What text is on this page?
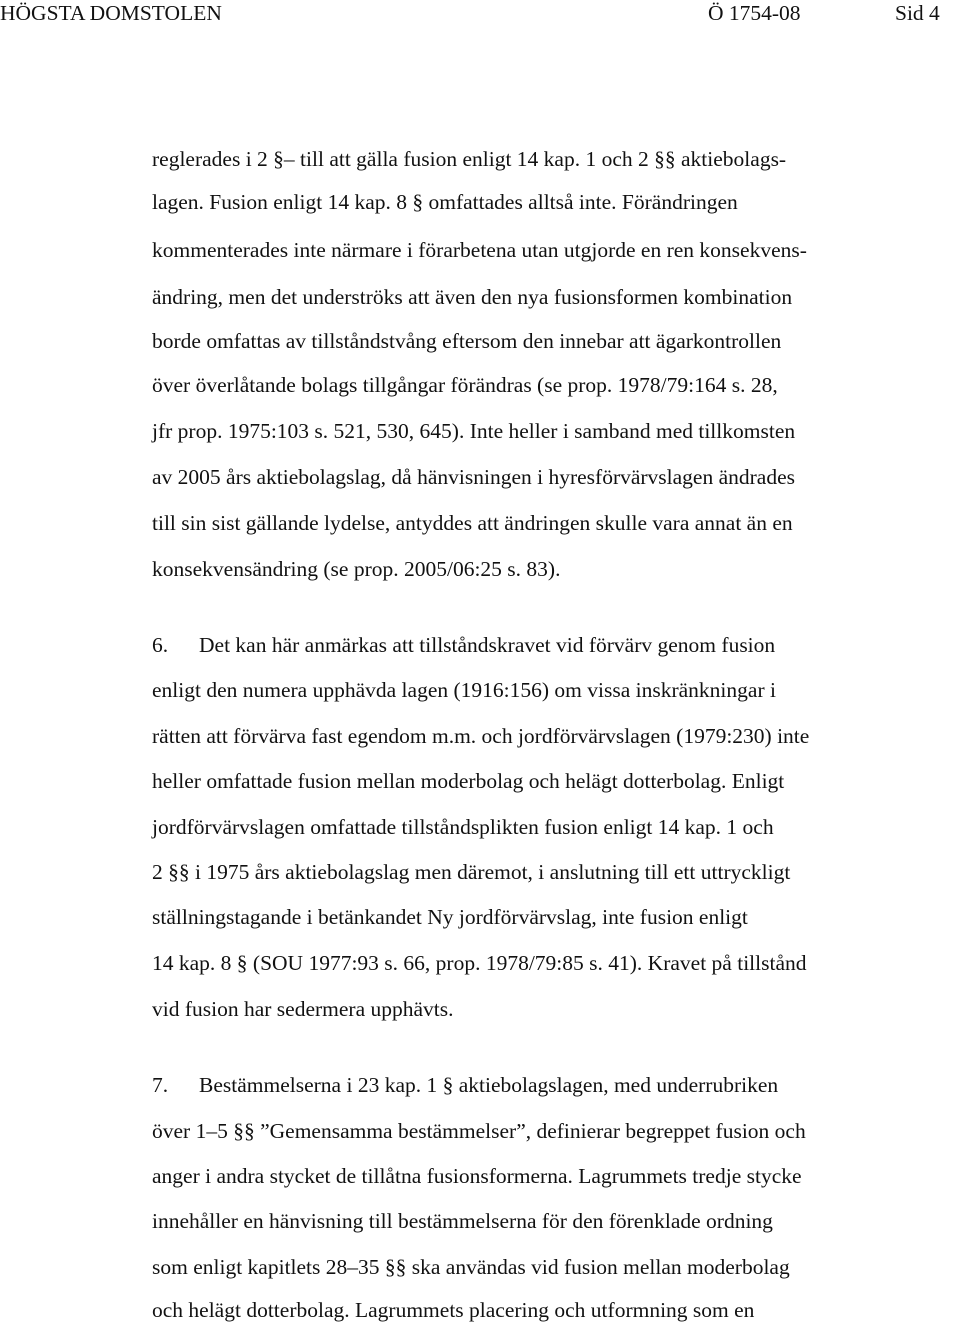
HÖGSTA DOMSTOLEN	Ö 1754-08	Sid 4
reglerades i 2 §– till att gälla fusion enligt 14 kap. 1 och 2 §§ aktiebolags-
lagen. Fusion enligt 14 kap. 8 § omfattades alltså inte. Förändringen
kommenterades inte närmare i förarbetena utan utgjorde en ren konsekvens-
ändring, men det underströks att även den nya fusionsformen kombination
borde omfattas av tillståndstvång eftersom den innebar att ägarkontrollen
över överlåtande bolags tillgångar förändras (se prop. 1978/79:164 s. 28,
jfr prop. 1975:103 s. 521, 530, 645). Inte heller i samband med tillkomsten
av 2005 års aktiebolagslag, då hänvisningen i hyresförvärvslagen ändrades
till sin sist gällande lydelse, antyddes att ändringen skulle vara annat än en
konsekvensändring (se prop. 2005/06:25 s. 83).
6. Det kan här anmärkas att tillståndskravet vid förvärv genom fusion
enligt den numera upphävda lagen (1916:156) om vissa inskränkningar i
rätten att förvärva fast egendom m.m. och jordförvärvslagen (1979:230) inte
heller omfattade fusion mellan moderbolag och helägt dotterbolag. Enligt
jordförvärvslagen omfattade tillståndsplikten fusion enligt 14 kap. 1 och
2 §§ i 1975 års aktiebolagslag men däremot, i anslutning till ett uttryckligt
ställningstagande i betänkandet Ny jordförvärvslag, inte fusion enligt
14 kap. 8 § (SOU 1977:93 s. 66, prop. 1978/79:85 s. 41). Kravet på tillstånd
vid fusion har sedermera upphävts.
7. Bestämmelserna i 23 kap. 1 § aktiebolagslagen, med underrubriken
över 1–5 §§ ”Gemensamma bestämmelser”, definierar begreppet fusion och
anger i andra stycket de tillåtna fusionsformerna. Lagrummets tredje stycke
innehåller en hänvisning till bestämmelserna för den förenklade ordning
som enligt kapitlets 28–35 §§ ska användas vid fusion mellan moderbolag
och helägt dotterbolag. Lagrummets placering och utformning som en
